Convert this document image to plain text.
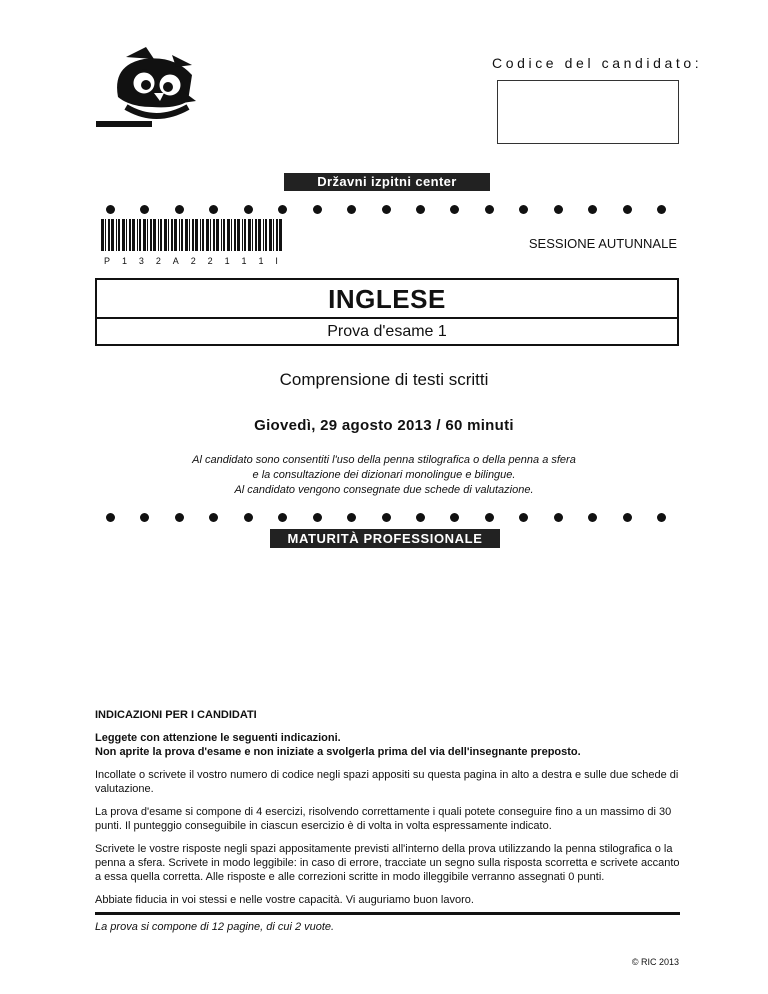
Codice del candidato:
Državni izpitni center
P 1 3 2 A 2 2 1 1 1 I
SESSIONE AUTUNNALE
INGLESE
Prova d'esame 1
Comprensione di testi scritti
Giovedì, 29 agosto 2013 / 60 minuti
Al candidato sono consentiti l'uso della penna stilografica o della penna a sfera
e la consultazione dei dizionari monolingue e bilingue.
Al candidato vengono consegnate due schede di valutazione.
MATURITÀ PROFESSIONALE

INDICAZIONI PER I CANDIDATI

Leggete con attenzione le seguenti indicazioni.
Non aprite la prova d'esame e non iniziate a svolgerla prima del via dell'insegnante preposto.

Incollate o scrivete il vostro numero di codice negli spazi appositi su questa pagina in alto a destra e sulle due schede di valutazione.

La prova d'esame si compone di 4 esercizi, risolvendo correttamente i quali potete conseguire fino a un massimo di 30 punti. Il punteggio conseguibile in ciascun esercizio è di volta in volta espressamente indicato.

Scrivete le vostre risposte negli spazi appositamente previsti all'interno della prova utilizzando la penna stilografica o la penna a sfera. Scrivete in modo leggibile: in caso di errore, tracciate un segno sulla risposta scorretta e scrivete accanto a essa quella corretta. Alle risposte e alle correzioni scritte in modo illeggibile verranno assegnati 0 punti.

Abbiate fiducia in voi stessi e nelle vostre capacità. Vi auguriamo buon lavoro.

La prova si compone di 12 pagine, di cui 2 vuote.
© RIC 2013
